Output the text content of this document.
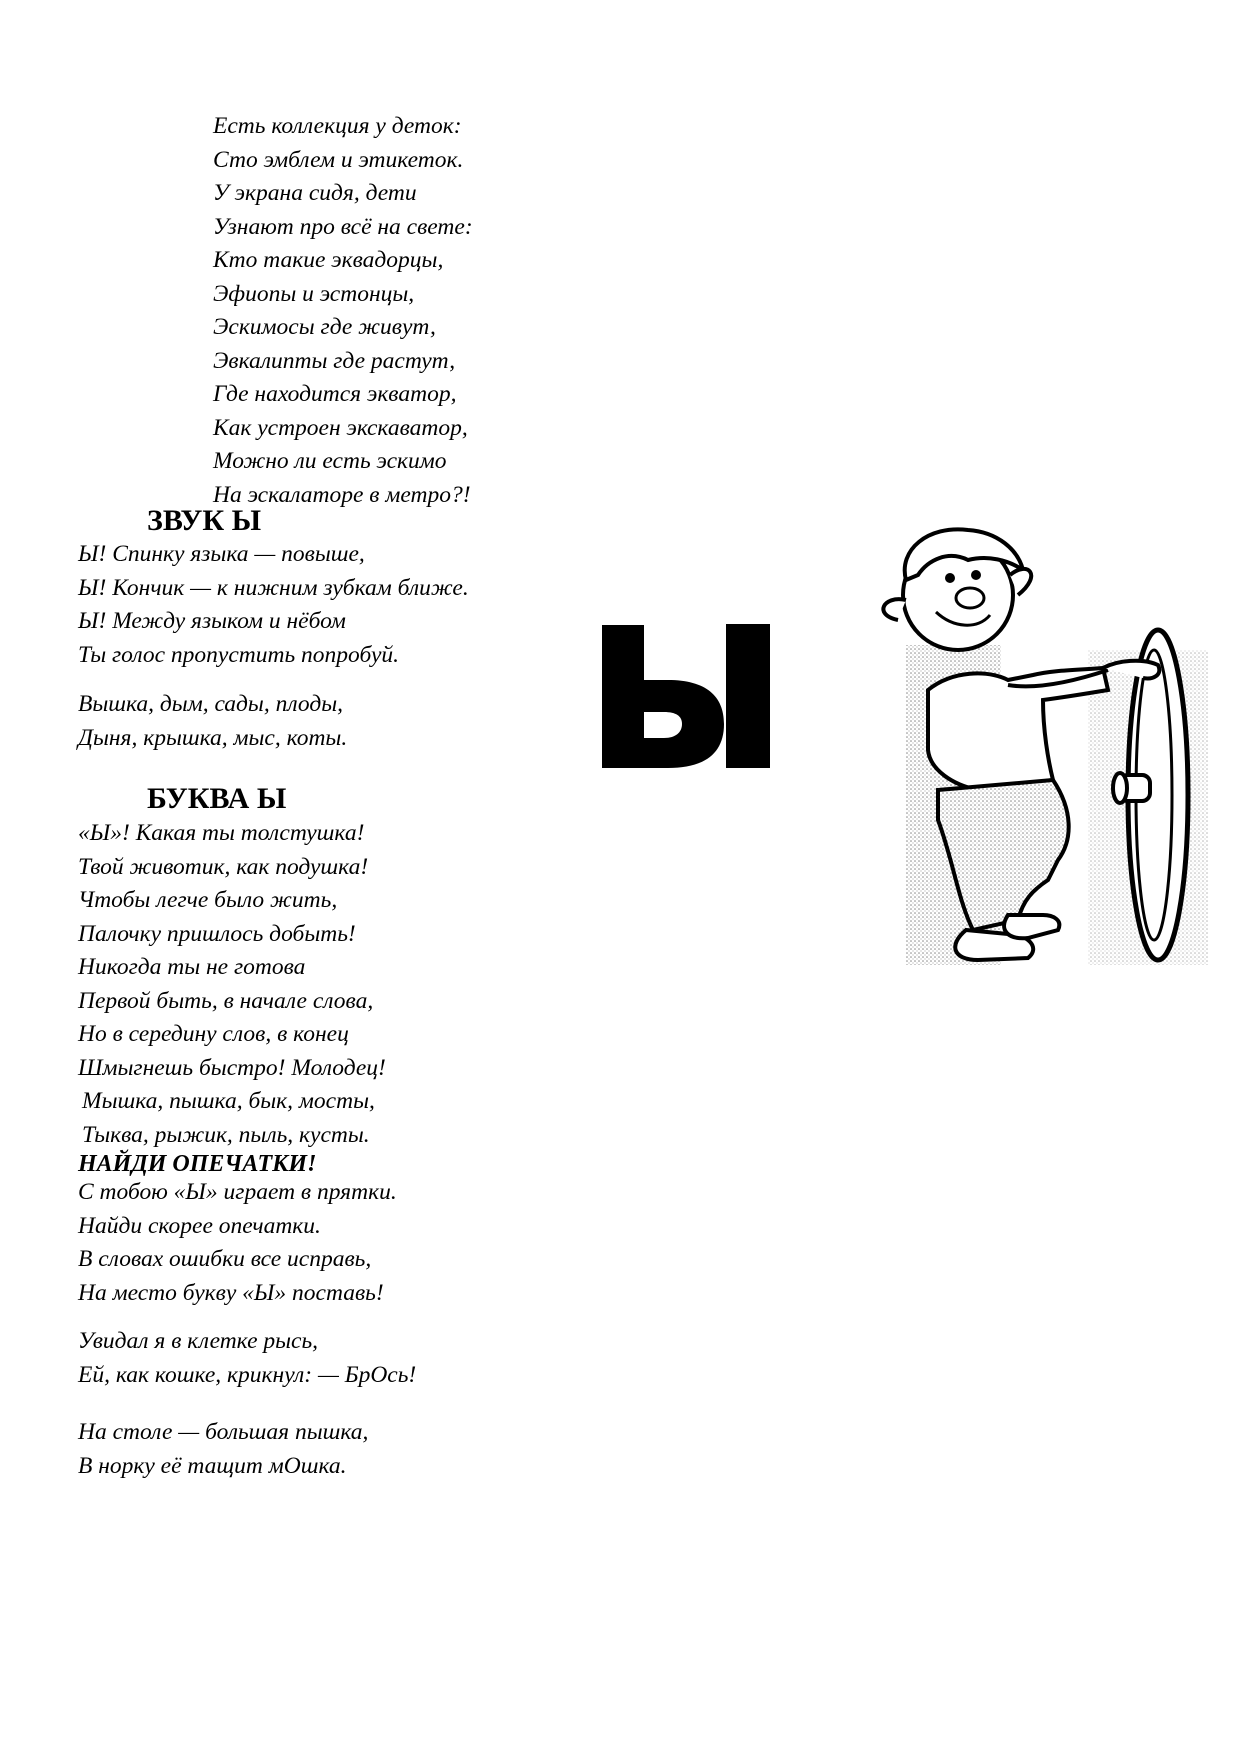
Есть коллекция у деток:
Сто эмблем и этикеток.
У экрана сидя, дети
Узнают про всё на свете:
Кто такие эквадорцы,
Эфиопы и эстонцы,
Эскимосы где живут,
Эвкалипты где растут,
Где находится экватор,
Как устроен экскаватор,
Можно ли есть эскимо
На эскалаторе в метро?!
ЗВУК Ы
Ы! Спинку языка — повыше,
Ы! Кончик — к нижним зубкам ближе.
Ы! Между языком и нёбом
Ты голос пропустить попробуй.
Вышка, дым, сады, плоды,
Дыня, крышка, мыс, коты.
БУКВА Ы
«Ы»! Какая ты толстушка!
Твой животик, как подушка!
Чтобы легче было жить,
Палочку пришлось добыть!
Никогда ты не готова
Первой быть, в начале слова,
Но в середину слов, в конец
Шмыгнешь быстро! Молодец!
Мышка, пышка, бык, мосты,
Тыква, рыжик, пыль, кусты.
НАЙДИ ОПЕЧАТКИ!
С тобою «Ы» играет в прятки.
Найди скорее опечатки.
В словах ошибки все исправь,
На место букву «Ы» поставь!
Увидал я в клетке рысь,
Ей, как кошке, крикнул: — БрОсь!
На столе — большая пышка,
В норку её тащит мОшка.
